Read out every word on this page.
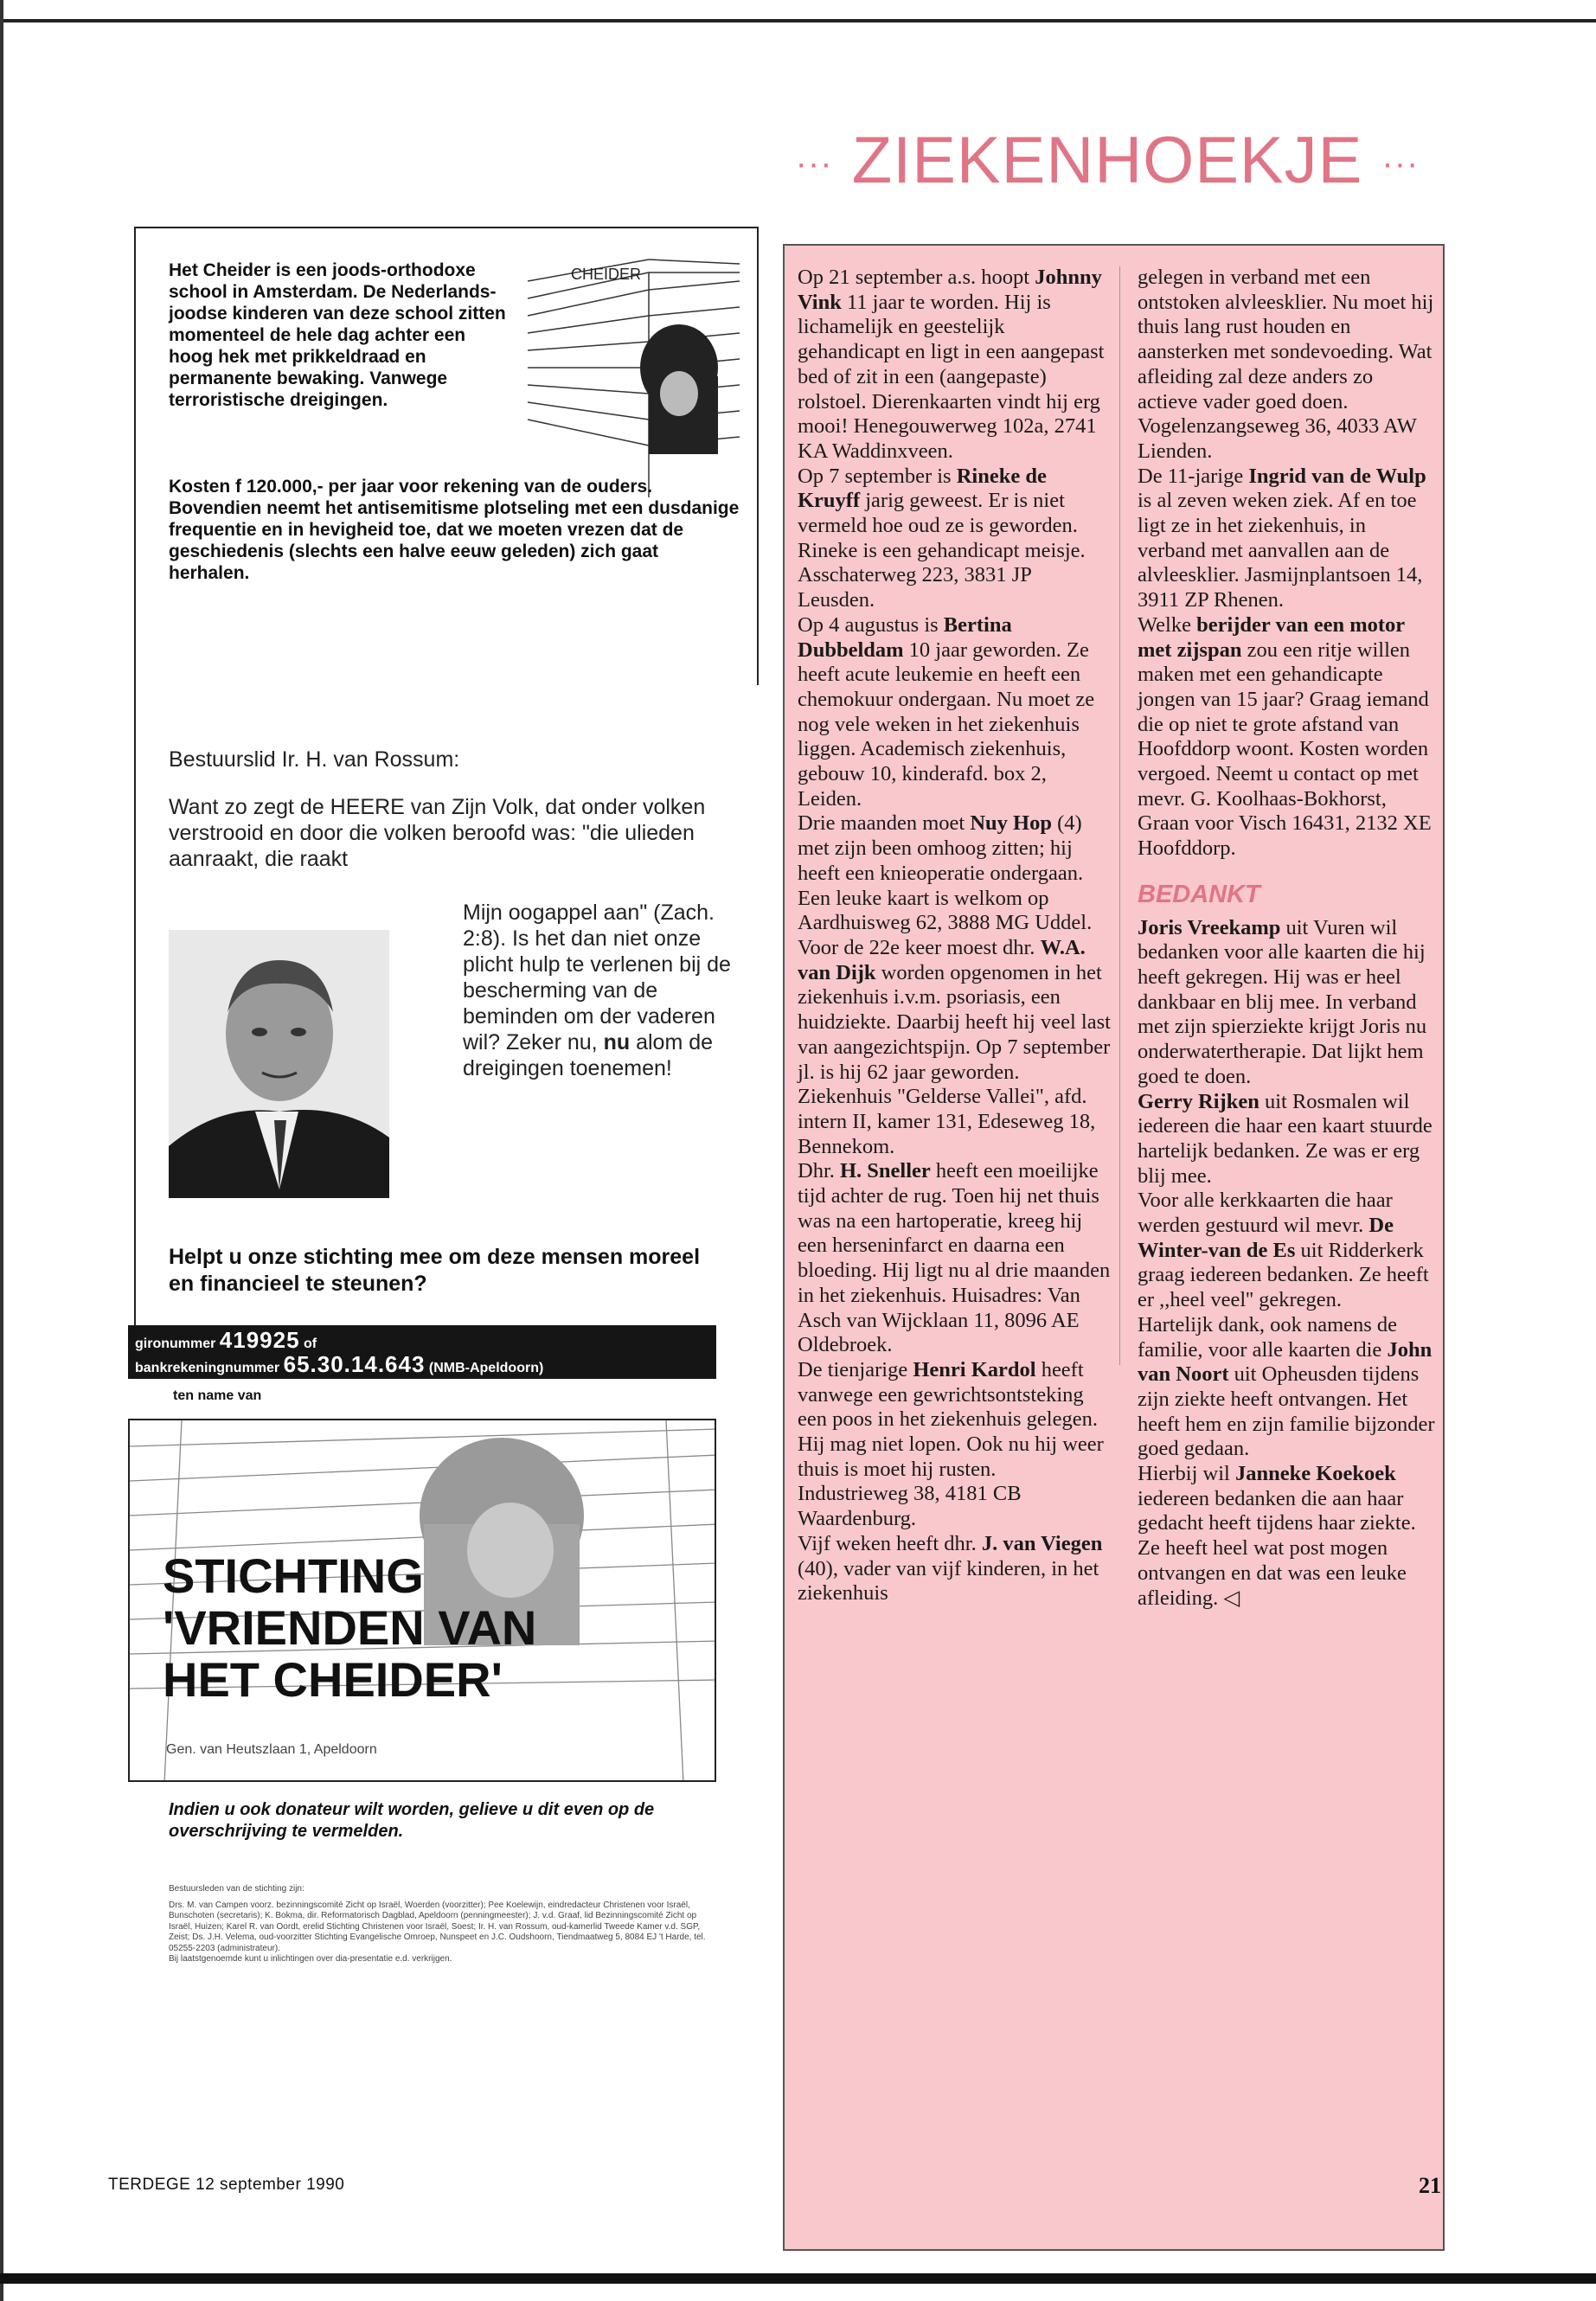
Het Cheider is een joods-orthodoxe school in Amsterdam. De Nederlands-joodse kinderen van deze school zitten momenteel de hele dag achter een hoog hek met prikkeldraad en permanente bewaking. Vanwege terroristische dreigingen.
CHEIDER
Kosten f 120.000,- per jaar voor rekening van de ouders. Bovendien neemt het antisemitisme plotseling met een dusdanige frequentie en in hevigheid toe, dat we moeten vrezen dat de geschiedenis (slechts een halve eeuw geleden) zich gaat herhalen.
Bestuurslid Ir. H. van Rossum:
Want zo zegt de HEERE van Zijn Volk, dat onder volken verstrooid en door die volken beroofd was: "die ulieden aanraakt, die raakt
Mijn oogappel aan" (Zach. 2:8). Is het dan niet onze plicht hulp te verlenen bij de bescherming van de beminden om der vaderen wil? Zeker nu, nu alom de dreigingen toenemen!
Helpt u onze stichting mee om deze mensen moreel en financieel te steunen?
gironummer 419925 of
bankrekeningnummer 65.30.14.643 (NMB-Apeldoorn)
ten name van
STICHTING
'VRIENDEN VAN
HET CHEIDER'
Gen. van Heutszlaan 1, Apeldoorn
Indien u ook donateur wilt worden, gelieve u dit even op de overschrijving te vermelden.
Bestuursleden van de stichting zijn:
Drs. M. van Campen voorz. bezinningscomité Zicht op Israël, Woerden (voorzitter); Pee Koelewijn, eindredacteur Christenen voor Israël, Bunschoten (secretaris); K. Bokma, dir. Reformatorisch Dagblad, Apeldoorn (penningmeester); J. v.d. Graaf, lid Bezinningscomité Zicht op Israël, Huizen; Karel R. van Oordt, erelid Stichting Christenen voor Israël, Soest; Ir. H. van Rossum, oud-kamerlid Tweede Kamer v.d. SGP, Zeist; Ds. J.H. Velema, oud-voorzitter Stichting Evangelische Omroep, Nunspeet en J.C. Oudshoorn, Tiendmaatweg 5, 8084 EJ 't Harde, tel. 05255-2203 (administrateur).
Bij laatstgenoemde kunt u inlichtingen over dia-presentatie e.d. verkrijgen.
··· ZIEKENHOEKJE ···
Op 21 september a.s. hoopt Johnny Vink 11 jaar te worden. Hij is lichamelijk en geestelijk gehandicapt en ligt in een aangepast bed of zit in een (aangepaste) rolstoel. Dierenkaarten vindt hij erg mooi! Henegouwerweg 102a, 2741 KA Waddinxveen.
Op 7 september is Rineke de Kruyff jarig geweest. Er is niet vermeld hoe oud ze is geworden. Rineke is een gehandicapt meisje. Asschaterweg 223, 3831 JP Leusden.
Op 4 augustus is Bertina Dubbeldam 10 jaar geworden. Ze heeft acute leukemie en heeft een chemokuur ondergaan. Nu moet ze nog vele weken in het ziekenhuis liggen. Academisch ziekenhuis, gebouw 10, kinderafd. box 2, Leiden.
Drie maanden moet Nuy Hop (4) met zijn been omhoog zitten; hij heeft een knieoperatie ondergaan. Een leuke kaart is welkom op Aardhuisweg 62, 3888 MG Uddel.
Voor de 22e keer moest dhr. W.A. van Dijk worden opgenomen in het ziekenhuis i.v.m. psoriasis, een huidziekte. Daarbij heeft hij veel last van aangezichtspijn. Op 7 september jl. is hij 62 jaar geworden. Ziekenhuis "Gelderse Vallei", afd. intern II, kamer 131, Edeseweg 18, Bennekom.
Dhr. H. Sneller heeft een moeilijke tijd achter de rug. Toen hij net thuis was na een hartoperatie, kreeg hij een herseninfarct en daarna een bloeding. Hij ligt nu al drie maanden in het ziekenhuis. Huisadres: Van Asch van Wijcklaan 11, 8096 AE Oldebroek.
De tienjarige Henri Kardol heeft vanwege een gewrichtsontsteking een poos in het ziekenhuis gelegen. Hij mag niet lopen. Ook nu hij weer thuis is moet hij rusten. Industrieweg 38, 4181 CB Waardenburg.
Vijf weken heeft dhr. J. van Viegen (40), vader van vijf kinderen, in het ziekenhuis
gelegen in verband met een ontstoken alvleesklier. Nu moet hij thuis lang rust houden en aansterken met sondevoeding. Wat afleiding zal deze anders zo actieve vader goed doen. Vogelenzangseweg 36, 4033 AW Lienden.
De 11-jarige Ingrid van de Wulp is al zeven weken ziek. Af en toe ligt ze in het ziekenhuis, in verband met aanvallen aan de alvleesklier. Jasmijnplantsoen 14, 3911 ZP Rhenen.
Welke berijder van een motor met zijspan zou een ritje willen maken met een gehandicapte jongen van 15 jaar? Graag iemand die op niet te grote afstand van Hoofddorp woont. Kosten worden vergoed. Neemt u contact op met mevr. G. Koolhaas-Bokhorst, Graan voor Visch 16431, 2132 XE Hoofddorp.
BEDANKT
Joris Vreekamp uit Vuren wil bedanken voor alle kaarten die hij heeft gekregen. Hij was er heel dankbaar en blij mee. In verband met zijn spierziekte krijgt Joris nu onderwatertherapie. Dat lijkt hem goed te doen.
Gerry Rijken uit Rosmalen wil iedereen die haar een kaart stuurde hartelijk bedanken. Ze was er erg blij mee.
Voor alle kerkkaarten die haar werden gestuurd wil mevr. De Winter-van de Es uit Ridderkerk graag iedereen bedanken. Ze heeft er ,,heel veel'' gekregen.
Hartelijk dank, ook namens de familie, voor alle kaarten die John van Noort uit Opheusden tijdens zijn ziekte heeft ontvangen. Het heeft hem en zijn familie bijzonder goed gedaan.
Hierbij wil Janneke Koekoek iedereen bedanken die aan haar gedacht heeft tijdens haar ziekte. Ze heeft heel wat post mogen ontvangen en dat was een leuke afleiding. ◁
TERDEGE 12 september 1990	21
